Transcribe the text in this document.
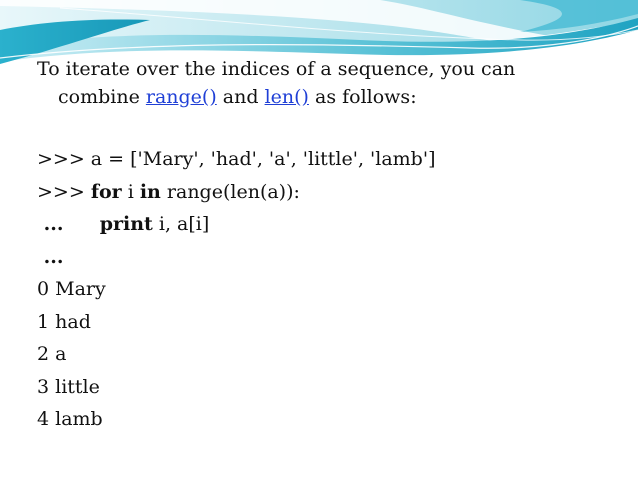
To iterate over the indices of a sequence, you can
combine range() and len() as follows:

>>> a = ['Mary', 'had', 'a', 'little', 'lamb']

>>> for i in range(len(a)):

... print i, a[i]

...

0 Mary

1 had

2 a

3 little

4 lamb
